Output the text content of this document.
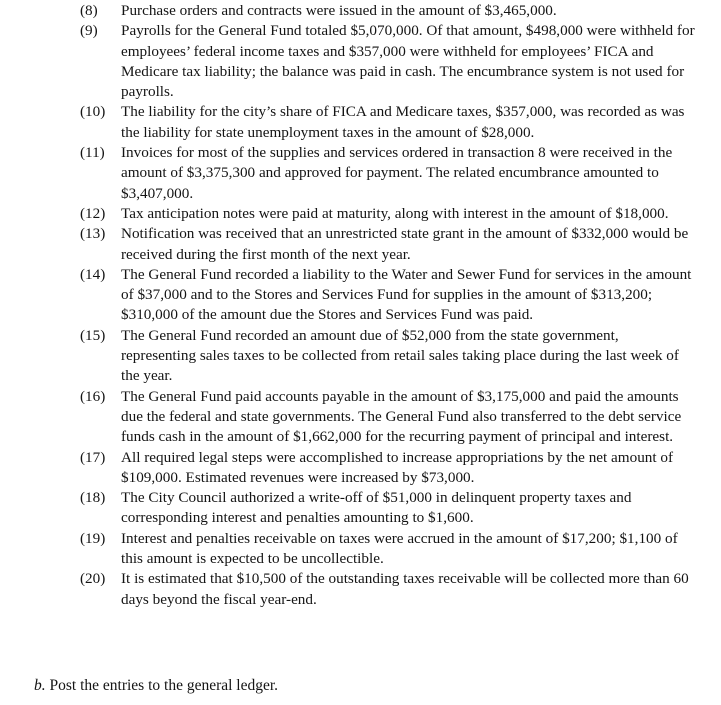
(8) Purchase orders and contracts were issued in the amount of $3,465,000.
(9) Payrolls for the General Fund totaled $5,070,000. Of that amount, $498,000 were withheld for employees’ federal income taxes and $357,000 were withheld for employees’ FICA and Medicare tax liability; the balance was paid in cash. The encumbrance system is not used for payrolls.
(10) The liability for the city’s share of FICA and Medicare taxes, $357,000, was recorded as was the liability for state unemployment taxes in the amount of $28,000.
(11) Invoices for most of the supplies and services ordered in transaction 8 were received in the amount of $3,375,300 and approved for payment. The related encumbrance amounted to $3,407,000.
(12) Tax anticipation notes were paid at maturity, along with interest in the amount of $18,000.
(13) Notification was received that an unrestricted state grant in the amount of $332,000 would be received during the first month of the next year.
(14) The General Fund recorded a liability to the Water and Sewer Fund for services in the amount of $37,000 and to the Stores and Services Fund for supplies in the amount of $313,200; $310,000 of the amount due the Stores and Services Fund was paid.
(15) The General Fund recorded an amount due of $52,000 from the state government, representing sales taxes to be collected from retail sales taking place during the last week of the year.
(16) The General Fund paid accounts payable in the amount of $3,175,000 and paid the amounts due the federal and state governments. The General Fund also transferred to the debt service funds cash in the amount of $1,662,000 for the recurring payment of principal and interest.
(17) All required legal steps were accomplished to increase appropriations by the net amount of $109,000. Estimated revenues were increased by $73,000.
(18) The City Council authorized a write-off of $51,000 in delinquent property taxes and corresponding interest and penalties amounting to $1,600.
(19) Interest and penalties receivable on taxes were accrued in the amount of $17,200; $1,100 of this amount is expected to be uncollectible.
(20) It is estimated that $10,500 of the outstanding taxes receivable will be collected more than 60 days beyond the fiscal year-end.
b. Post the entries to the general ledger.
